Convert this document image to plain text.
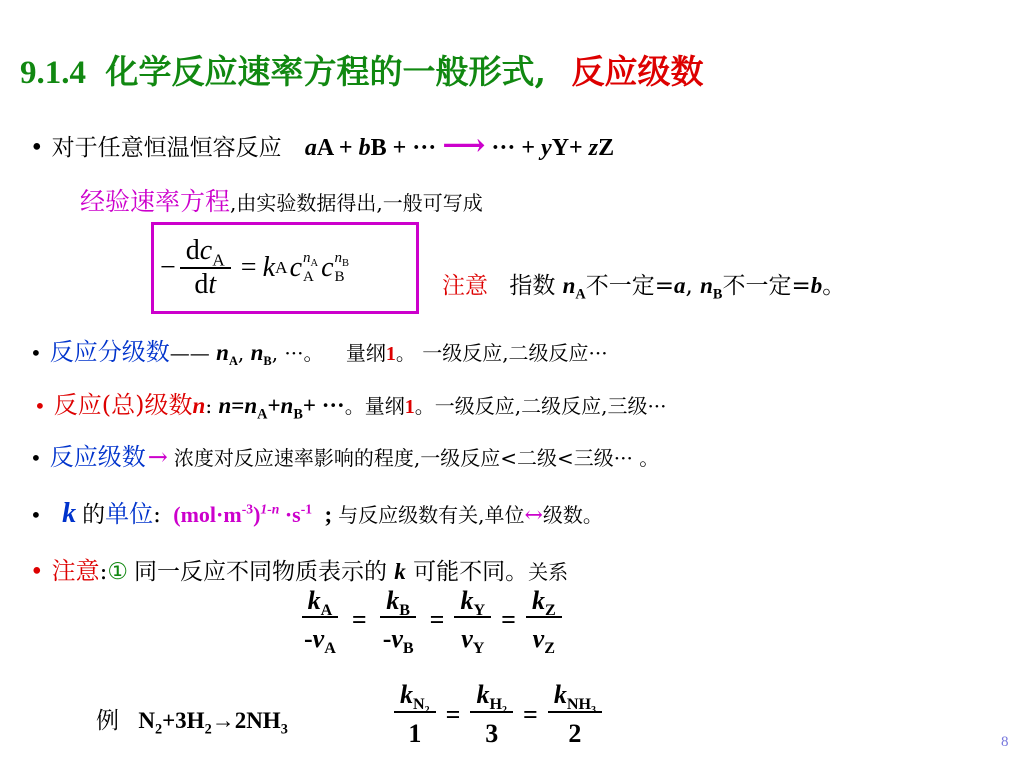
9.1.4 化学反应速率方程的一般形式, 反应级数
• 对于任意恒温恒容反应 aA + bB + ··· ⟶ ··· + yY+ zZ
经验速率方程,由实验数据得出,一般可写成
− $\frac{dc_A}{dt} = k$ A c $n_A$
A c $n_B$
B	注意 指数 $n_A$不一定=a, $n_B$不一定=b。
• 反应分级数—— $n_A$, $n_B$, ···。 量纲1。 一级反应,二级反应···
• 反应(总)级数n: $n=n_A+n_B+$ ···。量纲1。一级反应,二级反应,三级···
• 反应级数→ 浓度对反应速率影响的程度,一级反应<二级<三级··· 。
• k 的单位: $(mol\cdot m^{-3})^{1-n} \cdot s^{-1}$ ; 与反应级数有关,单位↔级数。
• 注意:① 同一反应不同物质表示的 k 可能不同。关系
$\frac{k_A}{-\nu_A} = \frac{k_B}{-\nu_B} = \frac{k_Y}{\nu_Y} = \frac{k_Z}{\nu_Z}$
例 $N_2+3H_2\to 2NH_3$	$\frac{k_{N_2}}{1} = \frac{k_{H_2}}{3} = \frac{k_{NH_3}}{2}$	8
